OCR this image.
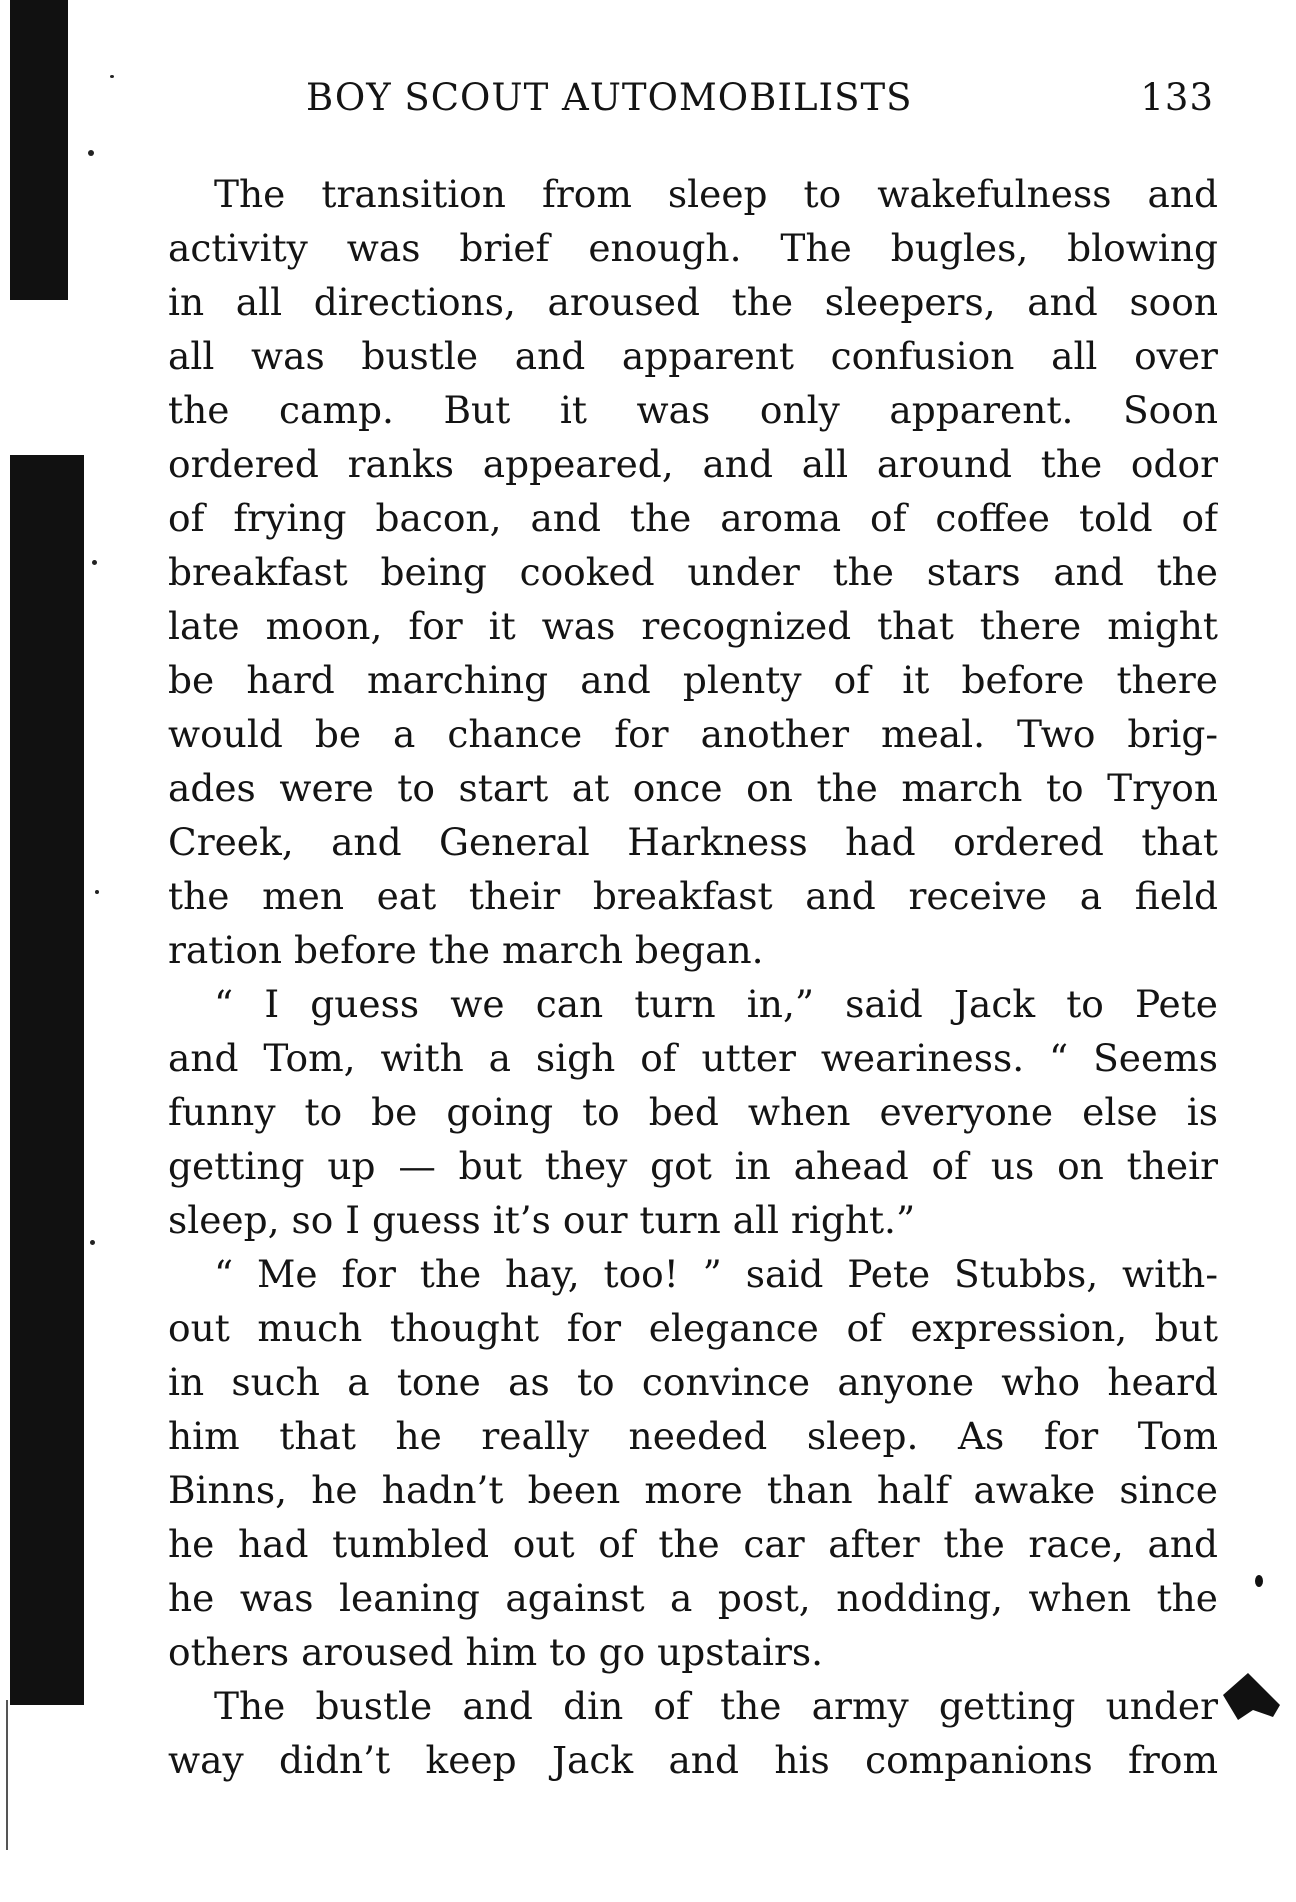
BOY SCOUT AUTOMOBILISTS	133
The transition from sleep to wakefulness and
activity was brief enough. The bugles, blowing
in all directions, aroused the sleepers, and soon
all was bustle and apparent confusion all over
the camp. But it was only apparent. Soon
ordered ranks appeared, and all around the odor
of frying bacon, and the aroma of coffee told of
breakfast being cooked under the stars and the
late moon, for it was recognized that there might
be hard marching and plenty of it before there
would be a chance for another meal. Two brig-
ades were to start at once on the march to Tryon
Creek, and General Harkness had ordered that
the men eat their breakfast and receive a field
ration before the march began.
“ I guess we can turn in,” said Jack to Pete
and Tom, with a sigh of utter weariness. “ Seems
funny to be going to bed when everyone else is
getting up — but they got in ahead of us on their
sleep, so I guess it’s our turn all right.”
“ Me for the hay, too! ” said Pete Stubbs, with-
out much thought for elegance of expression, but
in such a tone as to convince anyone who heard
him that he really needed sleep. As for Tom
Binns, he hadn’t been more than half awake since
he had tumbled out of the car after the race, and
he was leaning against a post, nodding, when the
others aroused him to go upstairs.
The bustle and din of the army getting under
way didn’t keep Jack and his companions from
